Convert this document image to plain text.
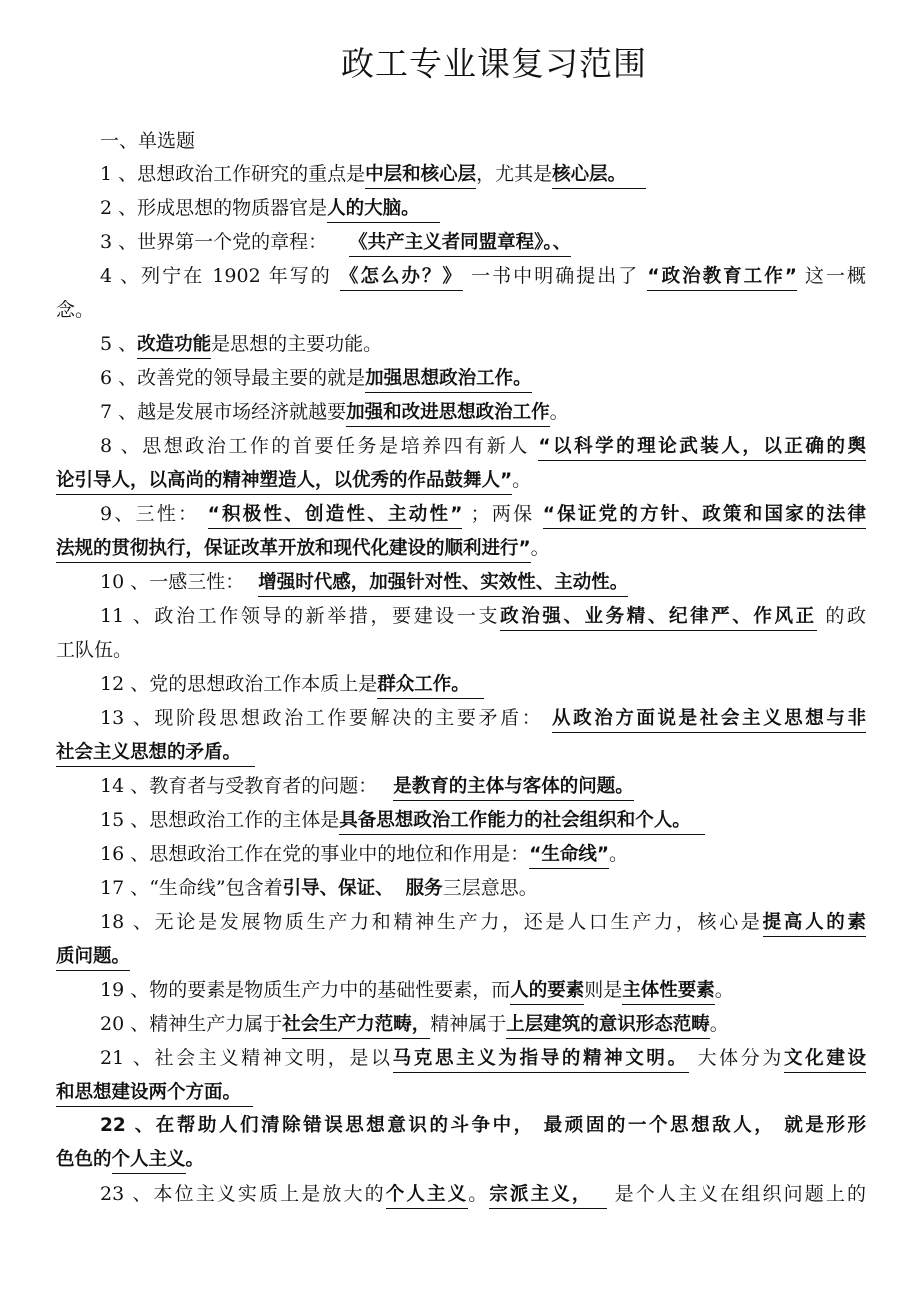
政工专业课复习范围
一、单选题
1 、思想政治工作研究的重点是中层和核心层，尤其是核心层。
2 、形成思想的物质器官是人的大脑。
3 、世界第一个党的章程： 《共产主义者同盟章程》。、
4 、列宁在 1902 年写的 《怎么办？》 一书中明确提出了 “政治教育工作” 这一概
念。
5 、改造功能是思想的主要功能。
6 、改善党的领导最主要的就是加强思想政治工作。
7 、越是发展市场经济就越要加强和改进思想政治工作。
8 、思想政治工作的首要任务是培养四有新人 “以科学的理论武装人，以正确的舆
论引导人，以高尚的精神塑造人，以优秀的作品鼓舞人”。
9、三性： “积极性、创造性、主动性” ；两保 “保证党的方针、政策和国家的法律
法规的贯彻执行，保证改革开放和现代化建设的顺利进行”。
10 、一感三性： 增强时代感，加强针对性、实效性、主动性。
11 、政治工作领导的新举措，要建设一支政治强、业务精、纪律严、作风正 的政
工队伍。
12 、党的思想政治工作本质上是群众工作。
13 、现阶段思想政治工作要解决的主要矛盾： 从政治方面说是社会主义思想与非
社会主义思想的矛盾。
14 、教育者与受教育者的问题： 是教育的主体与客体的问题。
15 、思想政治工作的主体是具备思想政治工作能力的社会组织和个人。
16 、思想政治工作在党的事业中的地位和作用是：“生命线”。
17 、“生命线”包含着引导、保证、 服务三层意思。
18 、无论是发展物质生产力和精神生产力，还是人口生产力，核心是提高人的素
质问题。
19 、物的要素是物质生产力中的基础性要素，而人的要素则是主体性要素。
20 、精神生产力属于社会生产力范畴，精神属于上层建筑的意识形态范畴。
21 、社会主义精神文明，是以马克思主义为指导的精神文明。 大体分为文化建设
和思想建设两个方面。
22 、在帮助人们清除错误思想意识的斗争中， 最顽固的一个思想敌人， 就是形形
色色的个人主义。
23 、本位主义实质上是放大的个人主义。宗派主义， 是个人主义在组织问题上的
